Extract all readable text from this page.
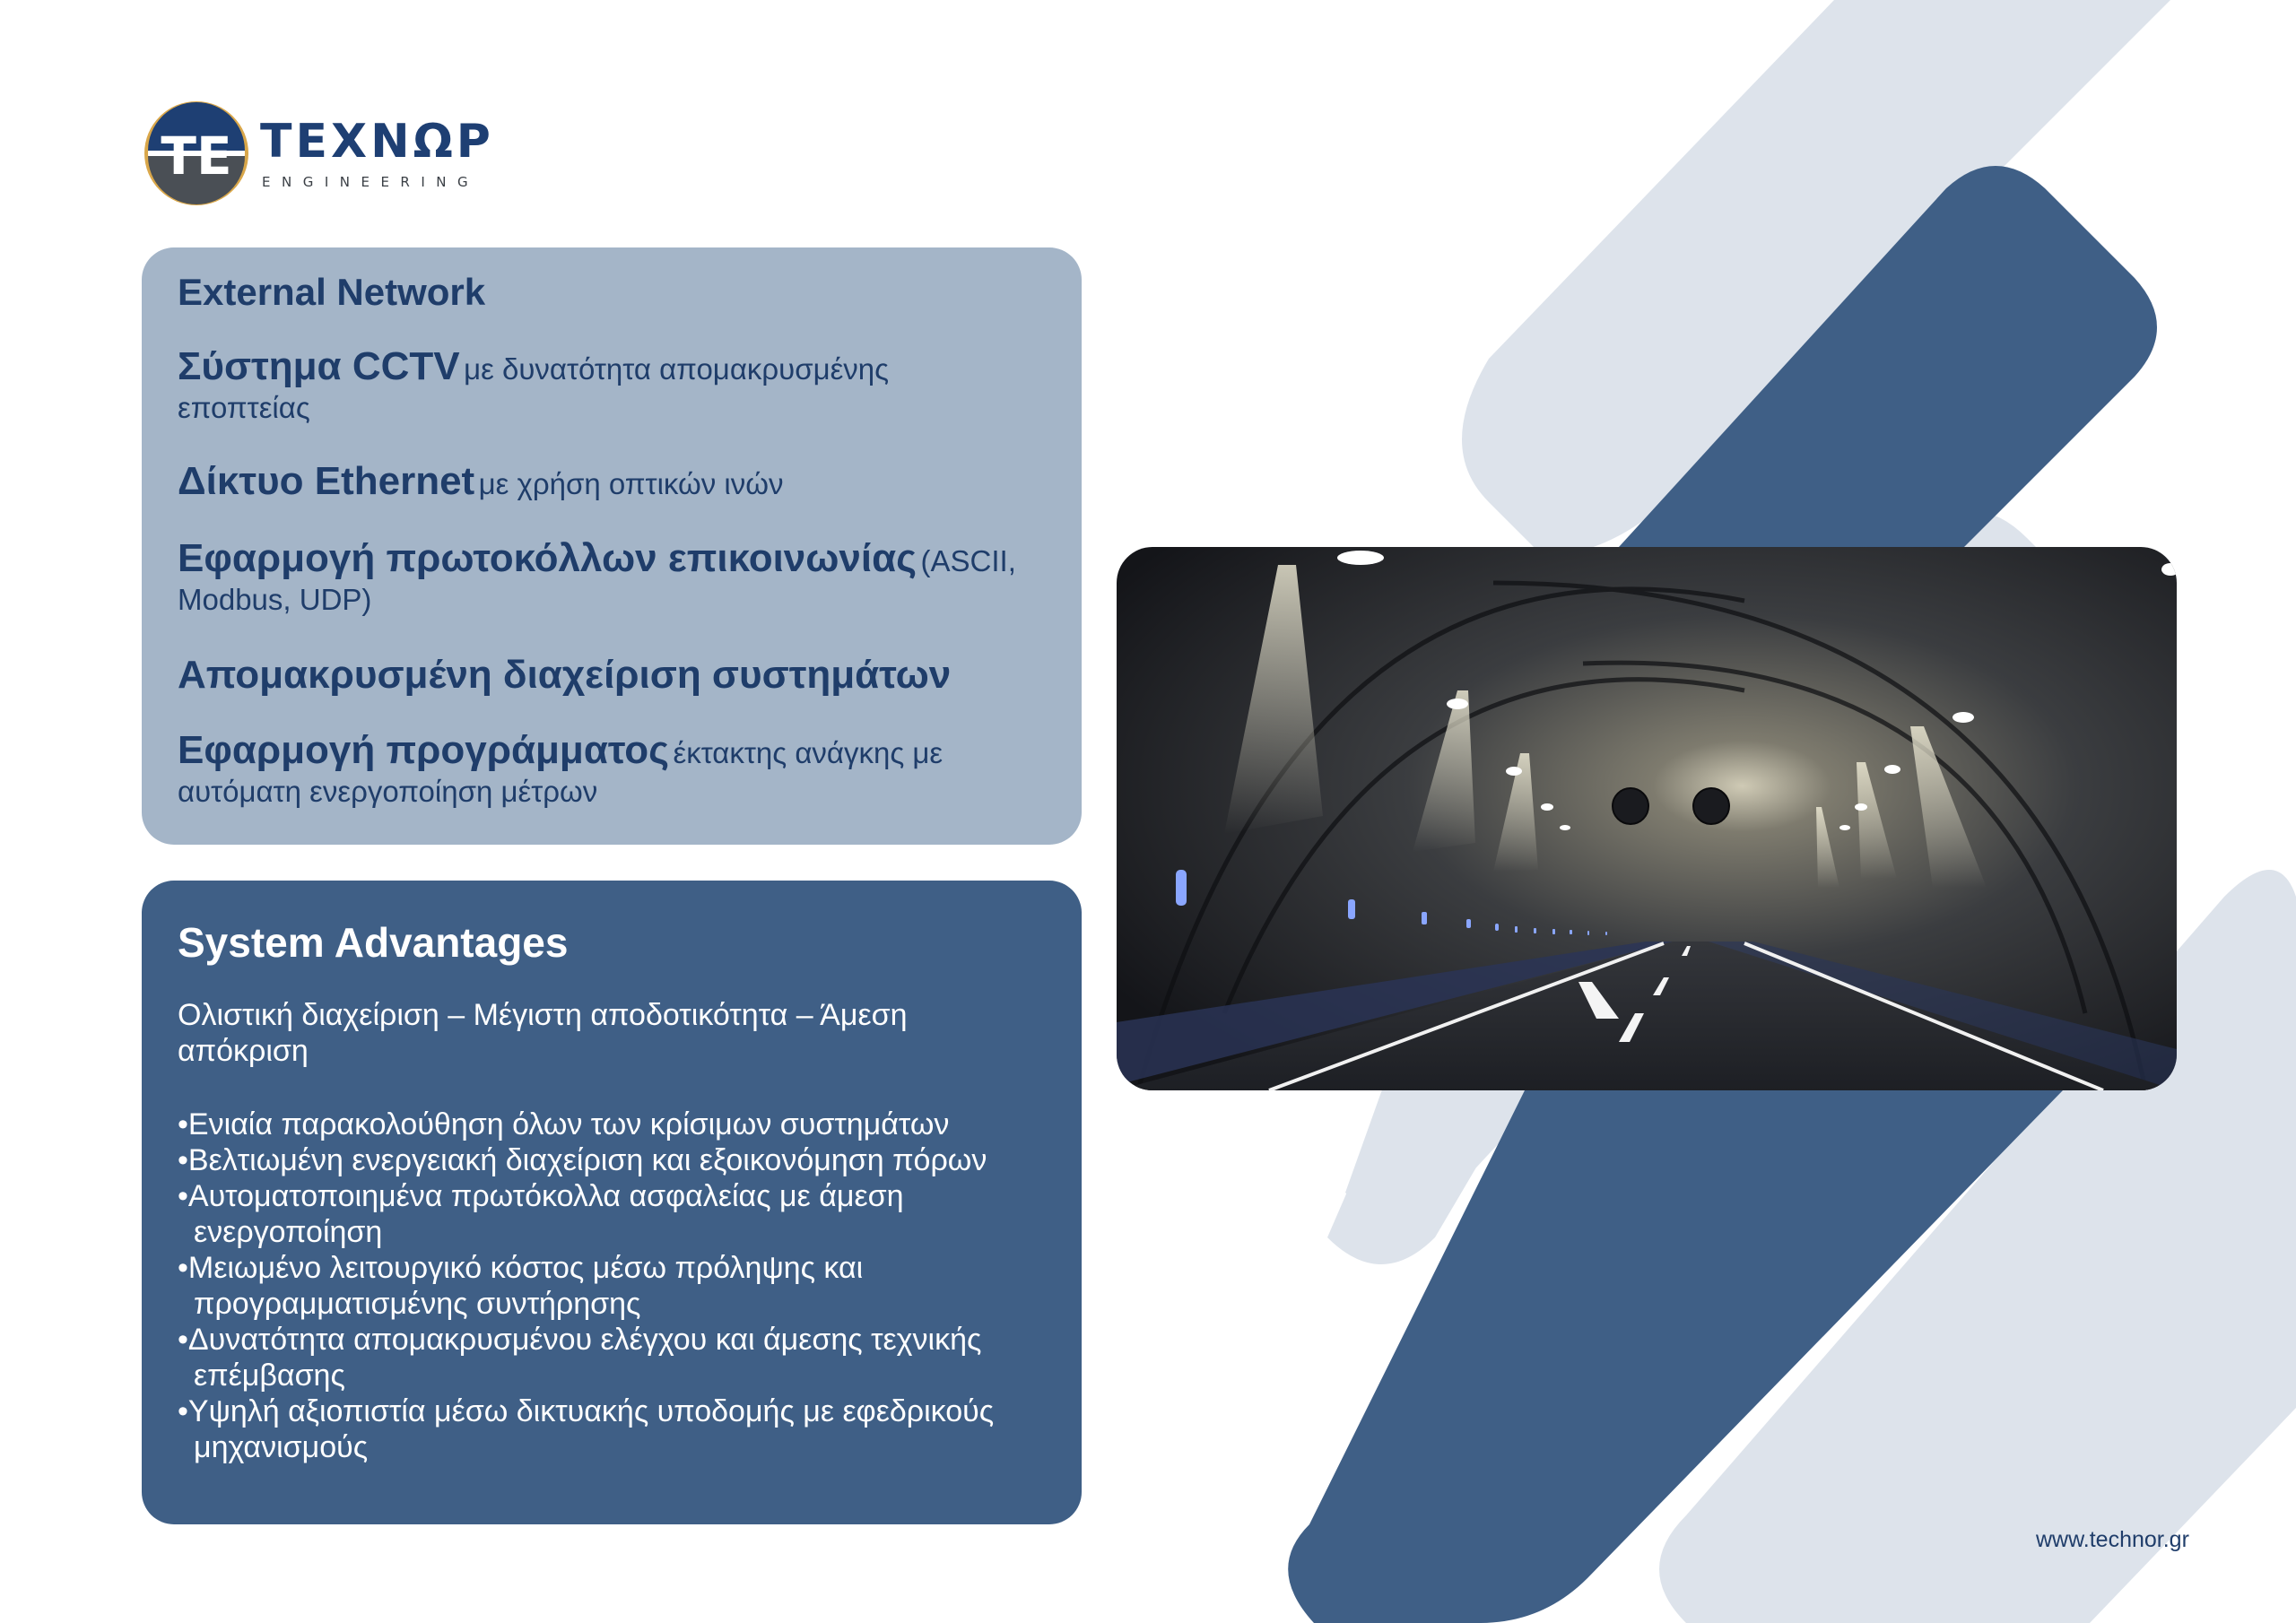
TE ΤΕΧΝΩΡ
ENGINEERING
External Network
Σύστημα CCTV με δυνατότητα απομακρυσμένης εποπτείας
Δίκτυο Ethernet με χρήση οπτικών ινών
Εφαρμογή πρωτοκόλλων επικοινωνίας (ASCII, Modbus, UDP)
Απομακρυσμένη διαχείριση συστημάτων
Εφαρμογή προγράμματος έκτακτης ανάγκης με αυτόματη ενεργοποίηση μέτρων
System Advantages
Ολιστική διαχείριση – Μέγιστη αποδοτικότητα – Άμεση απόκριση
•Ενιαία παρακολούθηση όλων των κρίσιμων συστημάτων
•Βελτιωμένη ενεργειακή διαχείριση και εξοικονόμηση πόρων
•Αυτοματοποιημένα πρωτόκολλα ασφαλείας με άμεση ενεργοποίηση
•Μειωμένο λειτουργικό κόστος μέσω πρόληψης και προγραμματισμένης συντήρησης
•Δυνατότητα απομακρυσμένου ελέγχου και άμεσης τεχνικής επέμβασης
•Υψηλή αξιοπιστία μέσω δικτυακής υποδομής με εφεδρικούς μηχανισμούς
www.technor.gr
